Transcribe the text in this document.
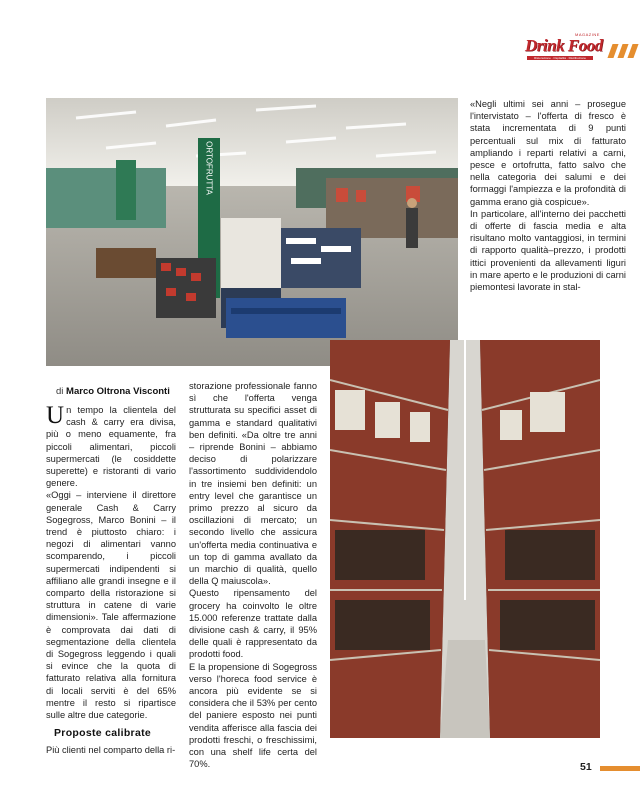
Drink Food
MAGAZINE
Ristorazione · Ospitalità · Distribuzione
ORTOFRUTTA

«Negli ultimi sei anni – prosegue l'intervistato – l'offerta di fresco è stata incrementata di 9 punti percentuali sul mix di fatturato ampliando i reparti relativi a carni, pesce e ortofrutta, fatto salvo che nella categoria dei salumi e dei formaggi l'ampiezza e la profondità di gamma erano già cospicue».

In particolare, all'interno dei pacchetti di offerte di fascia media e alta risultano molto vantaggiosi, in termini di rapporto qualità–prezzo, i prodotti ittici provenienti da allevamenti liguri in mare aperto e le produzioni di carni piemontesi lavorate in stal-

di Marco Oltrona Visconti

Un tempo la clientela del cash & carry era divisa, più o meno equamente, fra piccoli alimentari, piccoli supermercati (le cosiddette superette) e ristoranti di vario genere.

«Oggi – interviene il direttore generale Cash & Carry Sogegross, Marco Bonini – il trend è piuttosto chiaro: i negozi di alimentari vanno scomparendo, i piccoli supermercati indipendenti si affiliano alle grandi insegne e il comparto della ristorazione si struttura in catene di varie dimensioni». Tale affermazione è comprovata dai dati di segmentazione della clientela di Sogegross leggendo i quali si evince che la quota di fatturato relativa alla fornitura di locali serviti è del 65% mentre il resto si ripartisce sulle altre due categorie.

Proposte calibrate

Più clienti nel comparto della ri-

storazione professionale fanno sì che l'offerta venga strutturata su specifici asset di gamma e standard qualitativi ben definiti. «Da oltre tre anni – riprende Bonini – abbiamo deciso di polarizzare l'assortimento suddividendolo in tre insiemi ben definiti: un entry level che garantisce un primo prezzo al sicuro da oscillazioni di mercato; un secondo livello che assicura un'offerta media continuativa e un top di gamma avallato da un marchio di qualità, quello della Q maiuscola».

Questo ripensamento del grocery ha coinvolto le oltre 15.000 referenze trattate dalla divisione cash & carry, il 95% delle quali è rappresentato da prodotti food.

E la propensione di Sogegross verso l'horeca food service è ancora più evidente se si considera che il 53% per cento del paniere esposto nei punti vendita afferisce alla fascia dei prodotti freschi, o freschissimi, con una shelf life certa del 70%.	51
